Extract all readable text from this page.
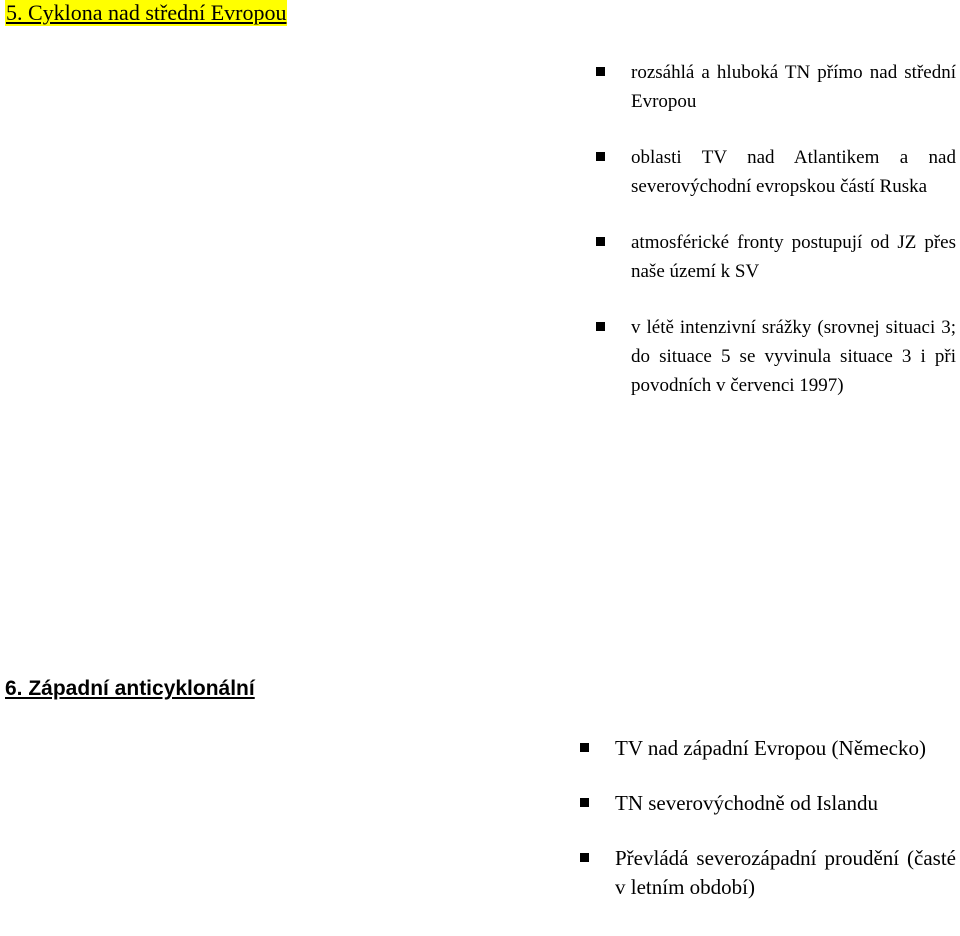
5. Cyklona nad střední Evropou
rozsáhlá a hluboká TN přímo nad střední Evropou
oblasti TV nad Atlantikem a nad severovýchodní evropskou částí Ruska
atmosférické fronty postupují od JZ přes naše území k SV
v létě intenzivní srážky (srovnej situaci 3; do situace 5 se vyvinula situace 3 i při povodních v červenci 1997)
6. Západní anticyklonální
TV nad západní Evropou (Německo)
TN severovýchodně od Islandu
Převládá severozápadní proudění (časté v letním období)
